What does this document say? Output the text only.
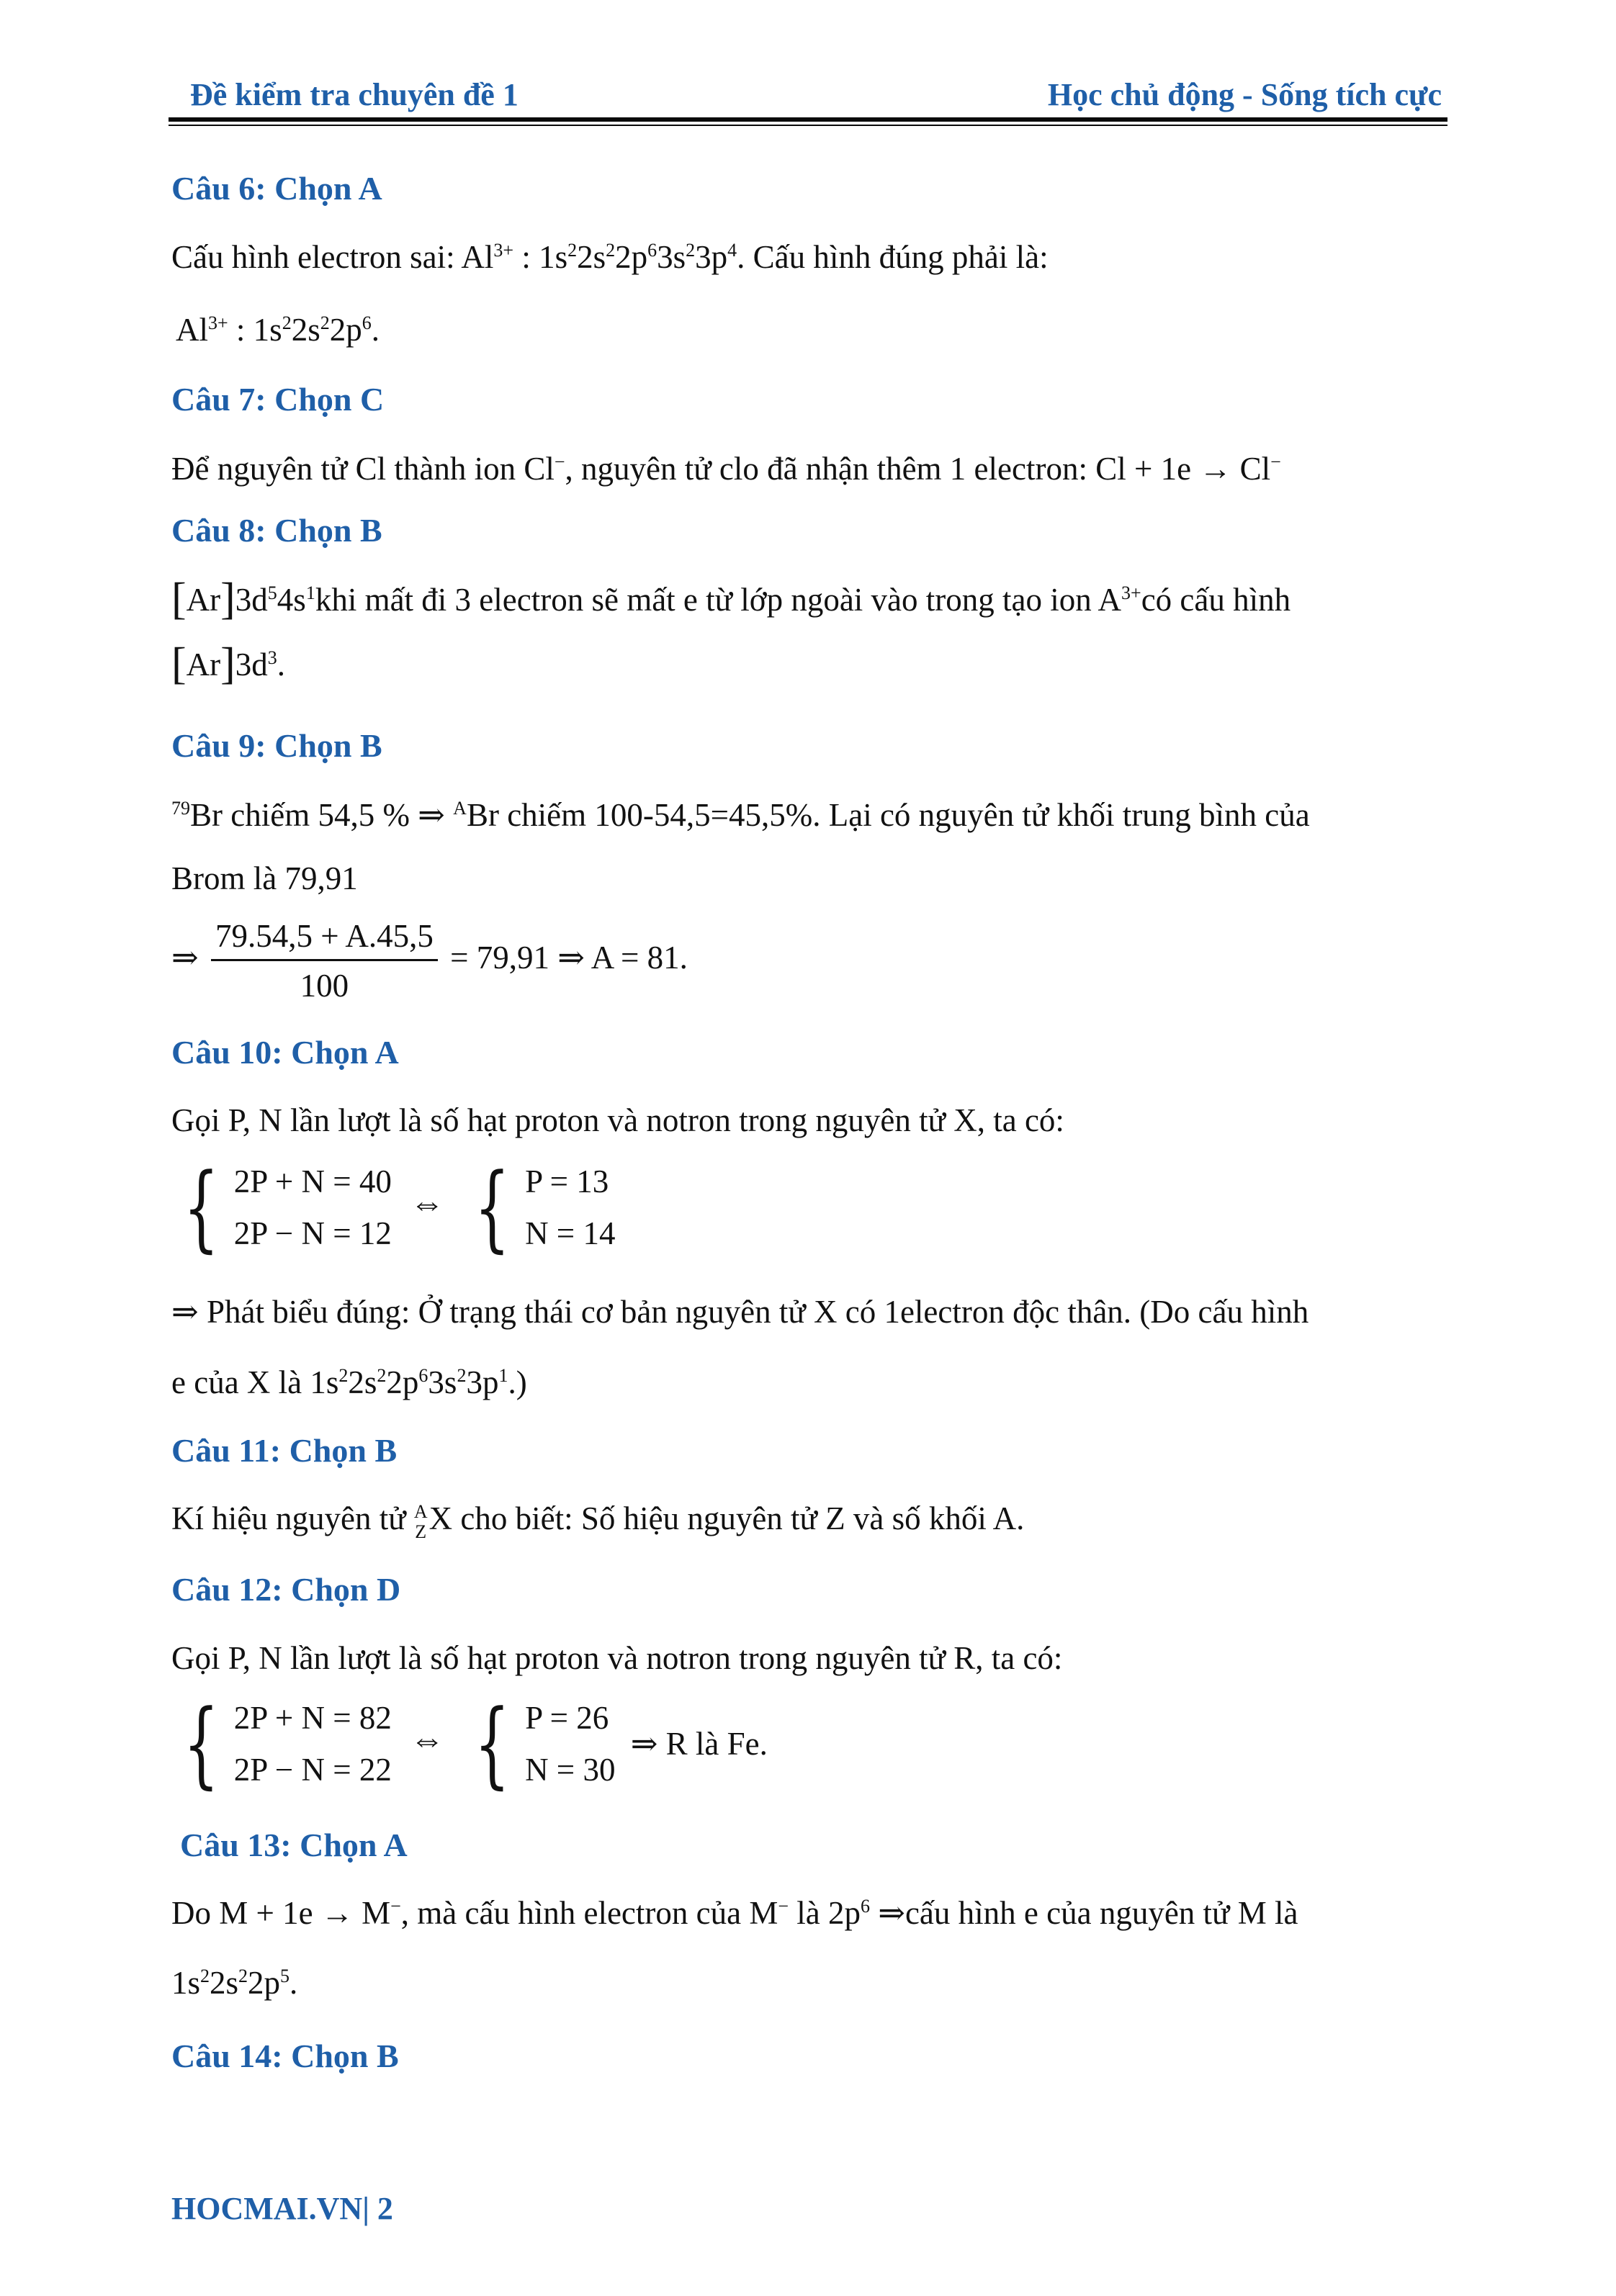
Đề kiểm tra chuyên đề 1	Học chủ động - Sống tích cực
Câu 6: Chọn A
Cấu hình electron sai: $Al^{3+}$ : $1s^22s^22p^63s^23p^4$. Cấu hình đúng phải là:
$Al^{3+}$ : $1s^22s^22p^6$.
Câu 7: Chọn C
Để nguyên tử Cl thành ion Cl−, nguyên tử clo đã nhận thêm 1 electron: Cl + 1e → Cl−
Câu 8: Chọn B
$[Ar]3d^54s^1khi$ mất đi 3 electron sẽ mất e từ lớp ngoài vào trong tạo ion $A^{3+}có$ cấu hình
$[Ar]3d^3$.
Câu 9: Chọn B
$^{79}$Br chiếm 54,5 % ⇒ $^A$Br chiếm 100-54,5=45,5%. Lại có nguyên tử khối trung bình của
Brom là 79,91
⇒ $\frac{79.54,5 + A.45,5}{100} = 79,91$ ⇒ A = 81.
Câu 10: Chọn A
Gọi P, N lần lượt là số hạt proton và notron trong nguyên tử X, ta có:
{ 2P + N = 40
2P − N = 12
⇔ { P = 13
N = 14
⇒ Phát biểu đúng: Ở trạng thái cơ bản nguyên tử X có 1electron độc thân. (Do cấu hình
e của X là $1s^22s^22p^63s^23p^1$.)
Câu 11: Chọn B
Kí hiệu nguyên tử A
Z X cho biết: Số hiệu nguyên tử Z và số khối A.
Câu 12: Chọn D
Gọi P, N lần lượt là số hạt proton và notron trong nguyên tử R, ta có:
{ 2P + N = 82
2P − N = 22
⇔ { P = 26
N = 30
⇒ R là Fe.
Câu 13: Chọn A
Do M + 1e → M−, mà cấu hình electron của M− là $2p^6$ ⇒cấu hình e của nguyên tử M là
$1s^22s^22p^5$.
Câu 14: Chọn B
HOCMAI.VN| 2
